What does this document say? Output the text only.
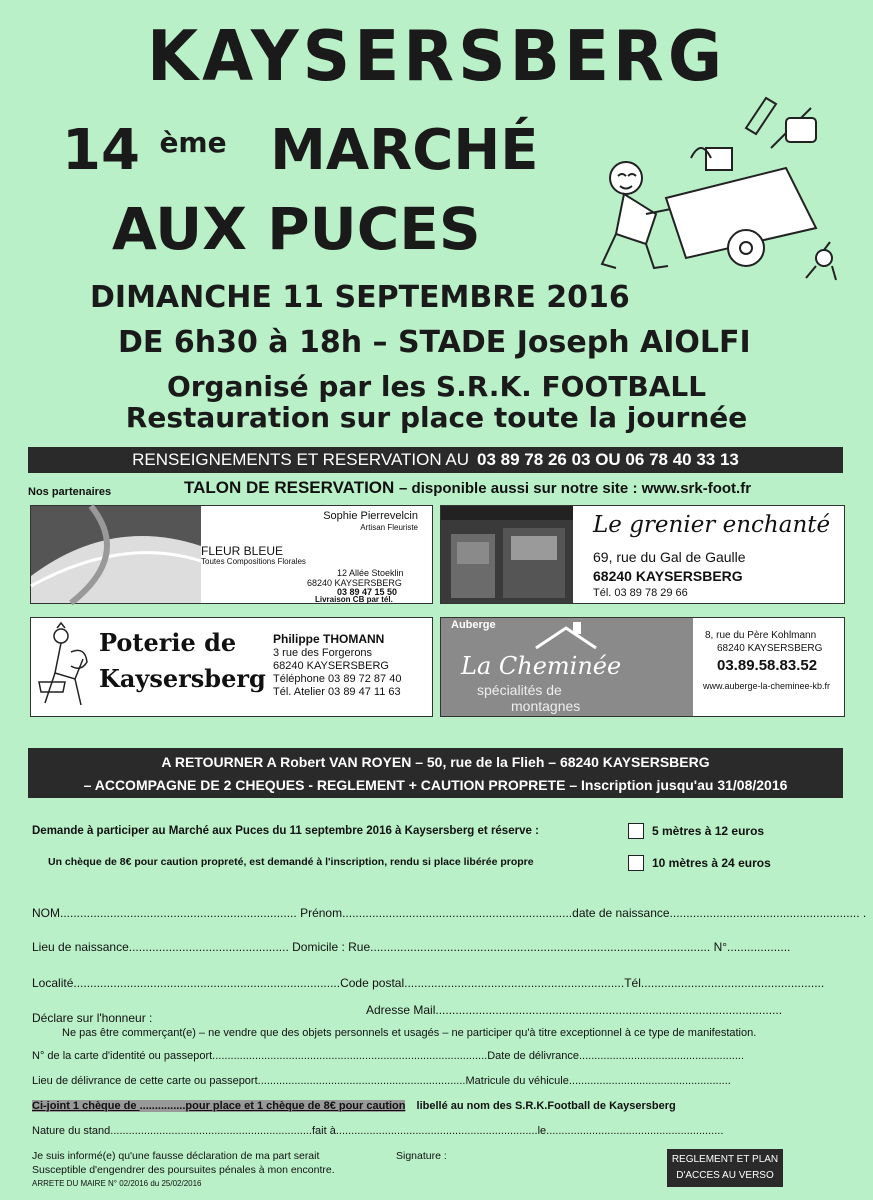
KAYSERSBERG
14 $^{ème}$ MARCHÉ
AUX PUCES
DIMANCHE 11 SEPTEMBRE 2016
DE 6h30 à 18h – STADE Joseph AIOLFI
Organisé par les S.R.K. FOOTBALL
Restauration sur place toute la journée
RENSEIGNEMENTS ET RESERVATION AU 03 89 78 26 03 OU 06 78 40 33 13
Nos partenaires	TALON DE RESERVATION – disponible aussi sur notre site : www.srk-foot.fr
Sophie Pierrevelcin
Artisan Fleuriste
FLEUR BLEUE
Toutes Compositions Florales
12 Allée Stoeklin
68240 KAYSERSBERG
03 89 47 15 50
Livraison CB par tél.
Le grenier enchanté
69, rue du Gal de Gaulle
68240 KAYSERSBERG
Tél. 03 89 78 29 66
Poterie de
Kaysersberg
Philippe THOMANN
3 rue des Forgerons
68240 KAYSERSBERG
Téléphone 03 89 72 87 40
Tél. Atelier 03 89 47 11 63
Auberge
La Cheminée
spécialités de
montagnes
8, rue du Père Kohlmann
68240 KAYSERSBERG
03.89.58.83.52
www.auberge-la-cheminee-kb.fr
A RETOURNER A Robert VAN ROYEN – 50, rue de la Flieh – 68240 KAYSERSBERG
– ACCOMPAGNE DE 2 CHEQUES - REGLEMENT + CAUTION PROPRETE – Inscription jusqu'au 31/08/2016
Demande à participer au Marché aux Puces du 11 septembre 2016 à Kaysersberg et réserve :	5 mètres à 12 euros
Un chèque de 8€ pour caution propreté, est demandé à l'inscription, rendu si place libérée propre	10 mètres à 24 euros
NOM....................................................................... Prénom.....................................................................date de naissance......................................................... .
Lieu de naissance................................................ Domicile : Rue...................................................................................................... N°...................
Localité................................................................................Code postal..................................................................Tél.......................................................
Adresse Mail........................................................................................................
Déclare sur l'honneur :
Ne pas être commerçant(e) – ne vendre que des objets personnels et usagés – ne participer qu'à titre exceptionnel à ce type de manifestation.
N° de la carte d'identité ou passeport..........................................................................................Date de délivrance......................................................
Lieu de délivrance de cette carte ou passeport....................................................................Matricule du véhicule.....................................................
Ci-joint 1 chèque de ...............pour place et 1 chèque de 8€ pour caution libellé au nom des S.R.K.Football de Kaysersberg
Nature du stand..................................................................fait à..................................................................le..........................................................
Je suis informé(e) qu'une fausse déclaration de ma part serait
Susceptible d'engendrer des poursuites pénales à mon encontre.
ARRETE DU MAIRE N° 02/2016 du 25/02/2016
Signature :	REGLEMENT ET PLAN
D'ACCES AU VERSO
